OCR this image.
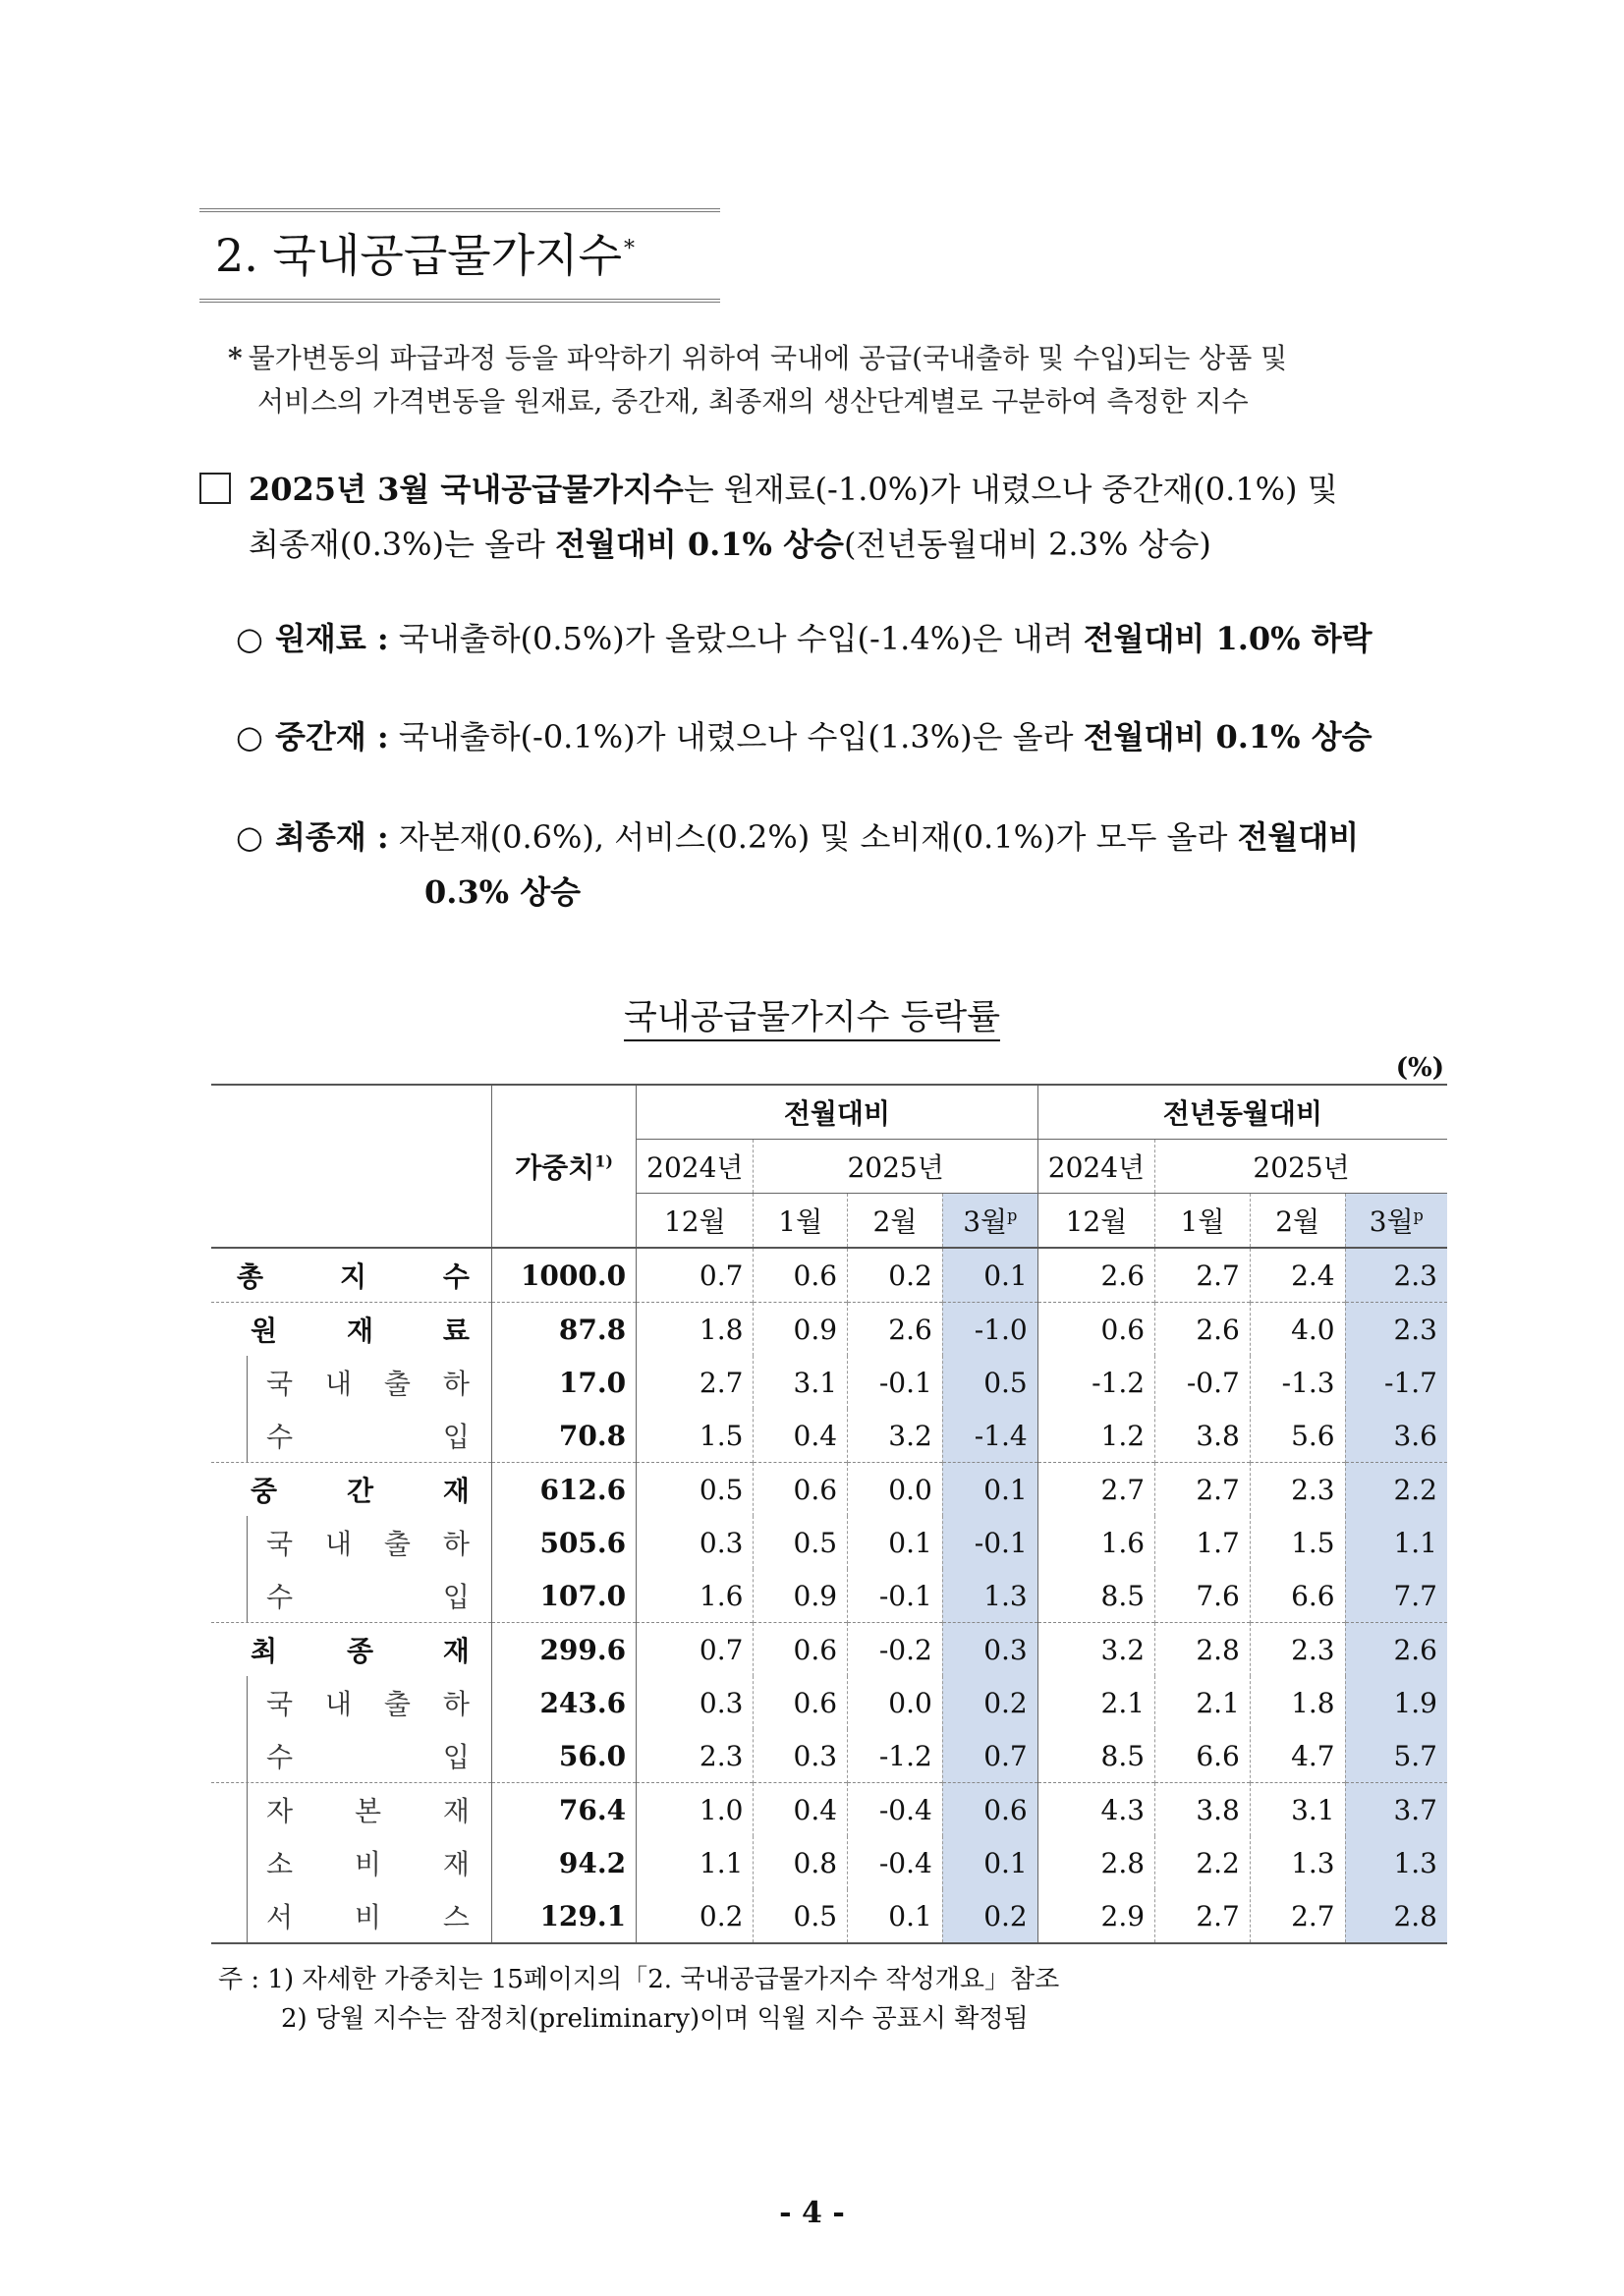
2. 국내공급물가지수*
* 물가변동의 파급과정 등을 파악하기 위하여 국내에 공급(국내출하 및 수입)되는 상품 및
서비스의 가격변동을 원재료, 중간재, 최종재의 생산단계별로 구분하여 측정한 지수
2025년 3월 국내공급물가지수는 원재료(-1.0%)가 내렸으나 중간재(0.1%) 및
최종재(0.3%)는 올라 전월대비 0.1% 상승(전년동월대비 2.3% 상승)
○ 원재료 : 국내출하(0.5%)가 올랐으나 수입(-1.4%)은 내려 전월대비 1.0% 하락
○ 중간재 : 국내출하(-0.1%)가 내렸으나 수입(1.3%)은 올라 전월대비 0.1% 상승
○ 최종재 : 자본재(0.6%), 서비스(0.2%) 및 소비재(0.1%)가 모두 올라 전월대비
0.3% 상승
국내공급물가지수 등락률
(%)
	가중치$^{1)}$	전월대비				전년동월대비			
		2024년	2025년			2024년	2025년		
		12월	1월	2월	3월$^p$	12월	1월	2월	3월$^p$

총 지 수	1000.0	0.7	0.6	0.2	0.1	2.6	2.7	2.4	2.3

원 재 료	87.8	1.8	0.9	2.6	-1.0	0.6	2.6	4.0	2.3

국 내 출 하	17.0	2.7	3.1	-0.1	0.5	-1.2	-0.7	-1.3	-1.7

수 입	70.8	1.5	0.4	3.2	-1.4	1.2	3.8	5.6	3.6

중 간 재	612.6	0.5	0.6	0.0	0.1	2.7	2.7	2.3	2.2

국 내 출 하	505.6	0.3	0.5	0.1	-0.1	1.6	1.7	1.5	1.1

수 입	107.0	1.6	0.9	-0.1	1.3	8.5	7.6	6.6	7.7

최 종 재	299.6	0.7	0.6	-0.2	0.3	3.2	2.8	2.3	2.6

국 내 출 하	243.6	0.3	0.6	0.0	0.2	2.1	2.1	1.8	1.9

수 입	56.0	2.3	0.3	-1.2	0.7	8.5	6.6	4.7	5.7

자 본 재	76.4	1.0	0.4	-0.4	0.6	4.3	3.8	3.1	3.7

소 비 재	94.2	1.1	0.8	-0.4	0.1	2.8	2.2	1.3	1.3

서 비 스	129.1	0.2	0.5	0.1	0.2	2.9	2.7	2.7	2.8
주 : 1) 자세한 가중치는 15페이지의「2. 국내공급물가지수 작성개요」참조
2) 당월 지수는 잠정치(preliminary)이며 익월 지수 공표시 확정됨
- 4 -
